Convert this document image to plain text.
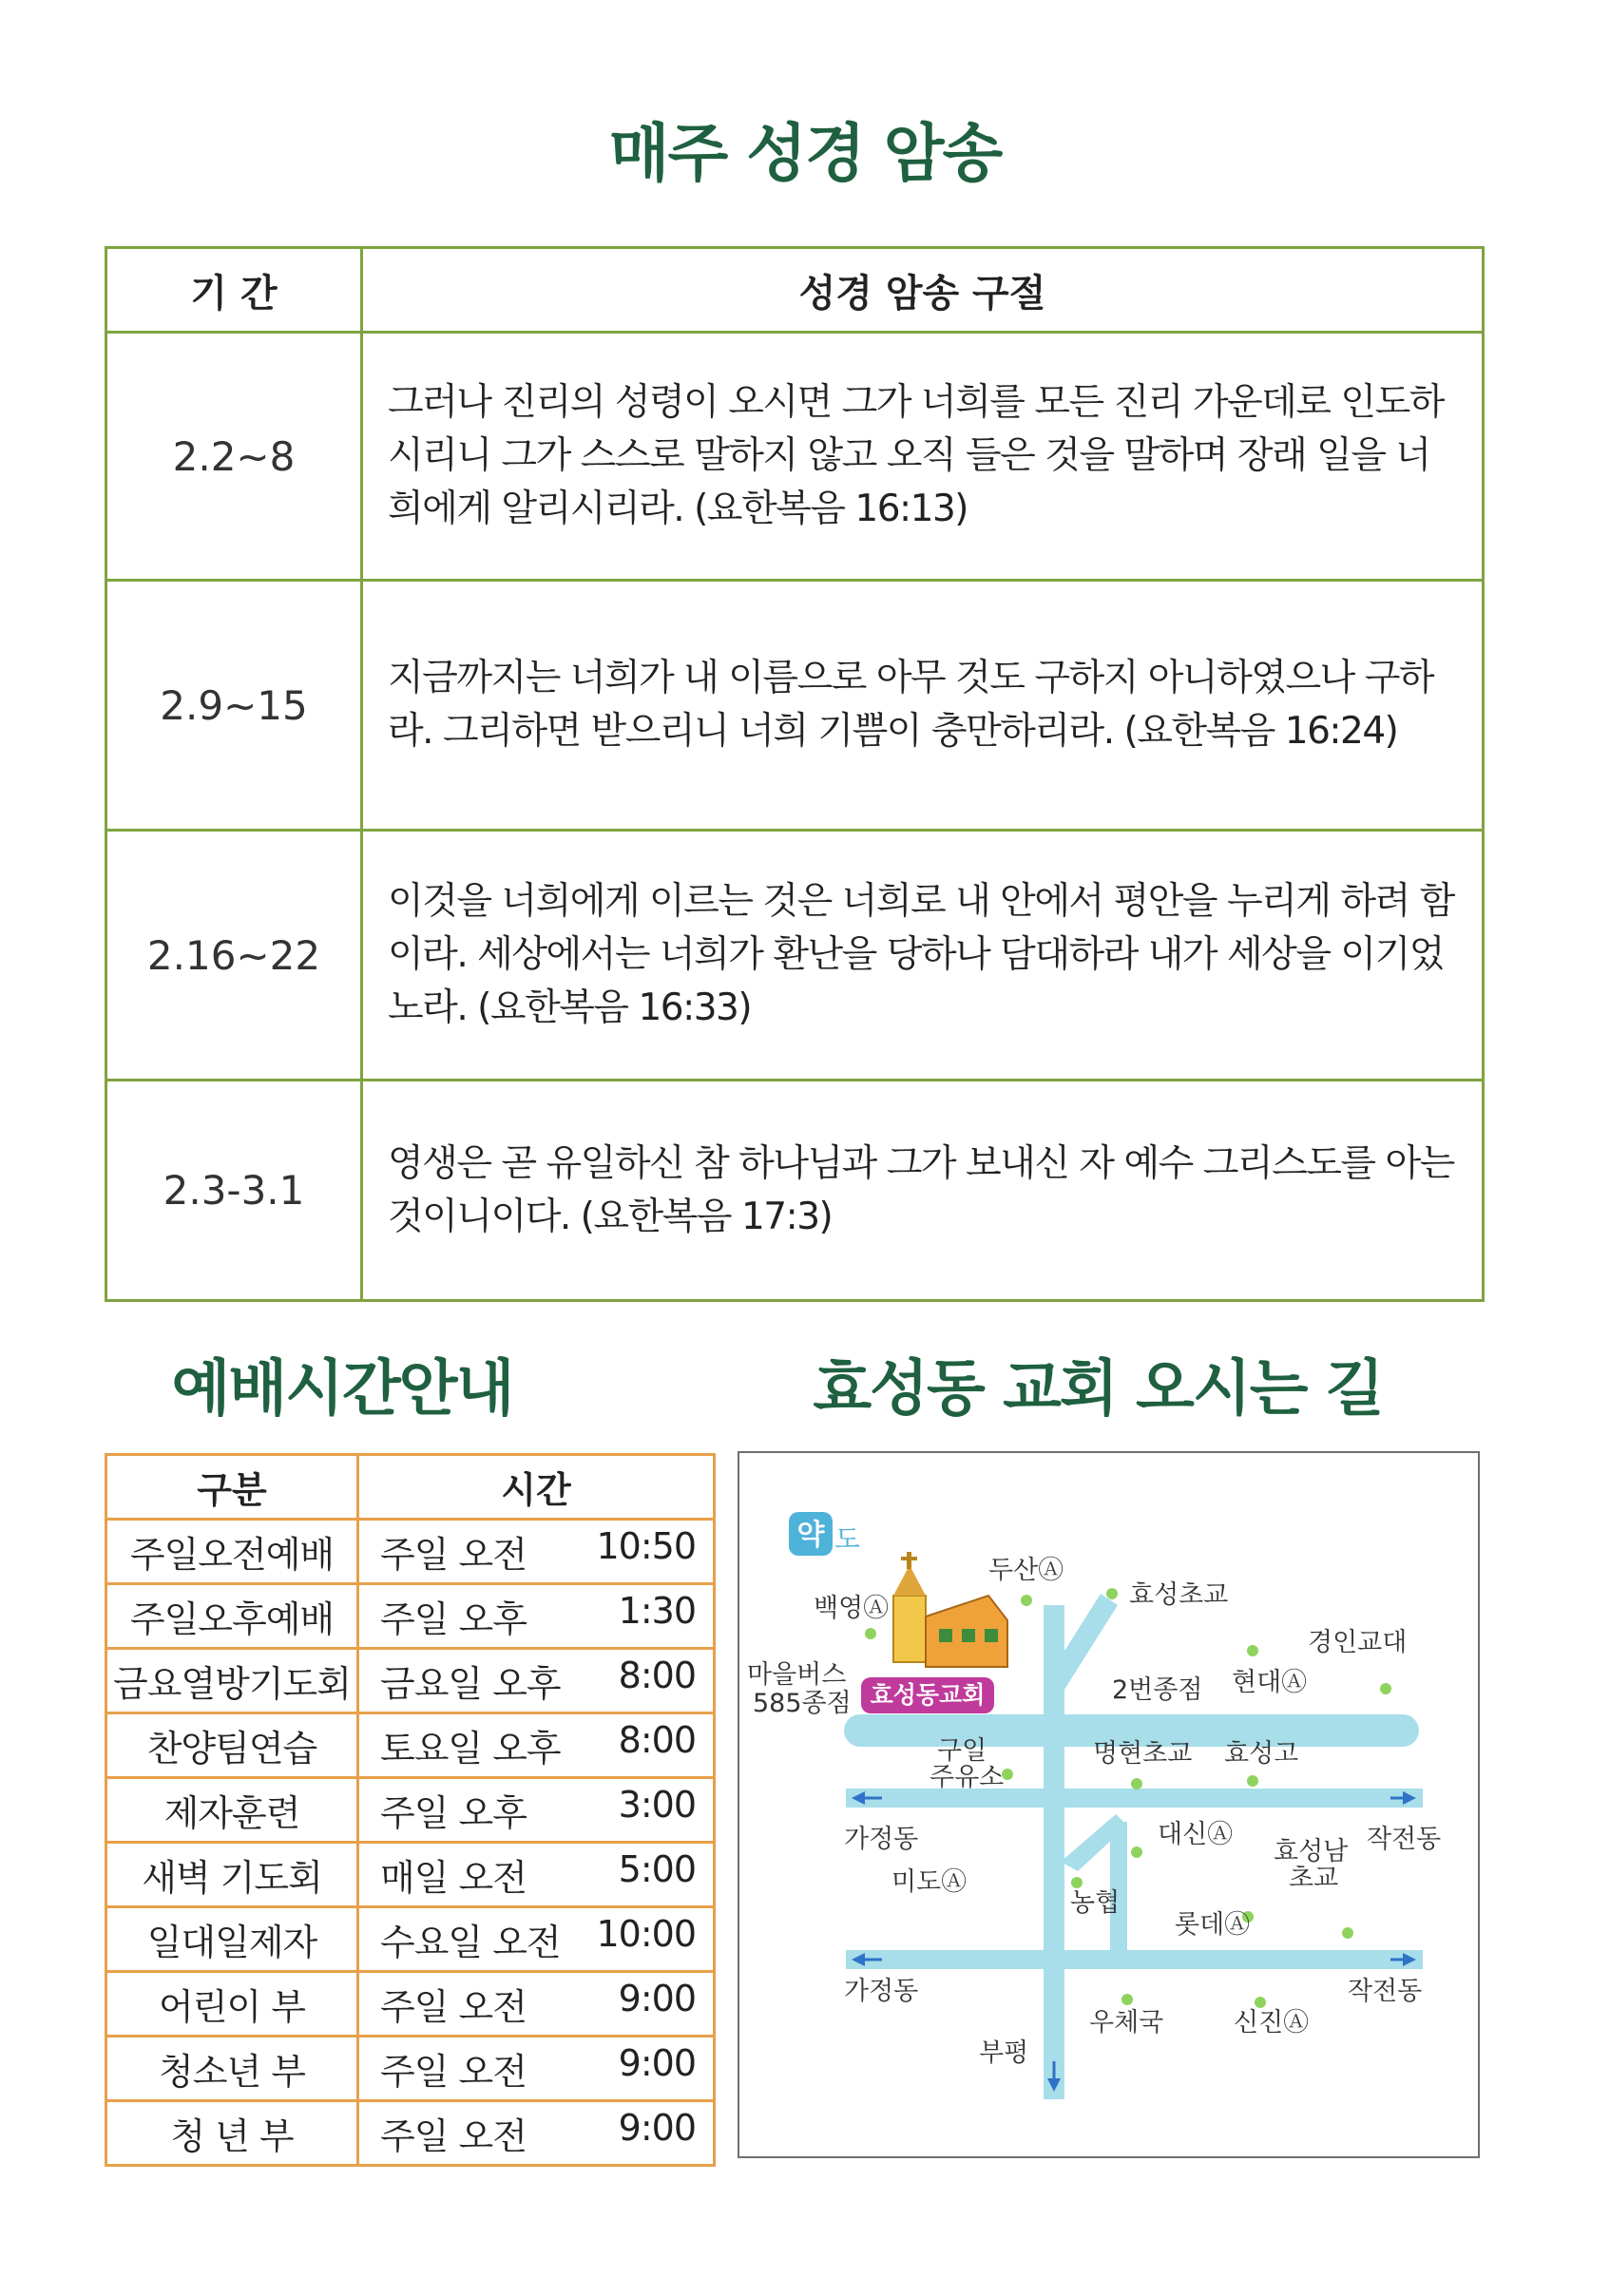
매주 성경 암송
기 간	성경 암송 구절
2.2~8	그러나 진리의 성령이 오시면 그가 너희를 모든 진리 가운데로 인도하시리니 그가 스스로 말하지 않고 오직 들은 것을 말하며 장래 일을 너희에게 알리시리라. (요한복음 16:13)
2.9~15	지금까지는 너희가 내 이름으로 아무 것도 구하지 아니하였으나 구하라. 그리하면 받으리니 너희 기쁨이 충만하리라. (요한복음 16:24)
2.16~22	이것을 너희에게 이르는 것은 너희로 내 안에서 평안을 누리게 하려 함이라. 세상에서는 너희가 환난을 당하나 담대하라 내가 세상을 이기었노라. (요한복음 16:33)
2.3-3.1	영생은 곧 유일하신 참 하나님과 그가 보내신 자 예수 그리스도를 아는 것이니이다. (요한복음 17:3)
예배시간안내	효성동 교회 오시는 길
구분	시간
주일오전예배	주일 오전 10:50

주일오후예배	주일 오후 1:30

금요열방기도회	금요일 오후 8:00

찬양팀연습	토요일 오후 8:00

제자훈련	주일 오후 3:00

새벽 기도회	매일 오전 5:00

일대일제자	수요일 오전 10:00

어린이 부	주일 오전 9:00

청소년 부	주일 오전 9:00

청 년 부	주일 오전 9:00
효성동교회
약 도
두산Ⓐ
효성초교
백영Ⓐ
경인교대
마을버스
585종점	2번종점 현대Ⓐ
구일
주유소
명현초교 효성고
가정동	대신Ⓐ
효성남
초교
작전동
미도Ⓐ
농협
롯데Ⓐ
가정동
우체국	신진Ⓐ
작전동
부평
